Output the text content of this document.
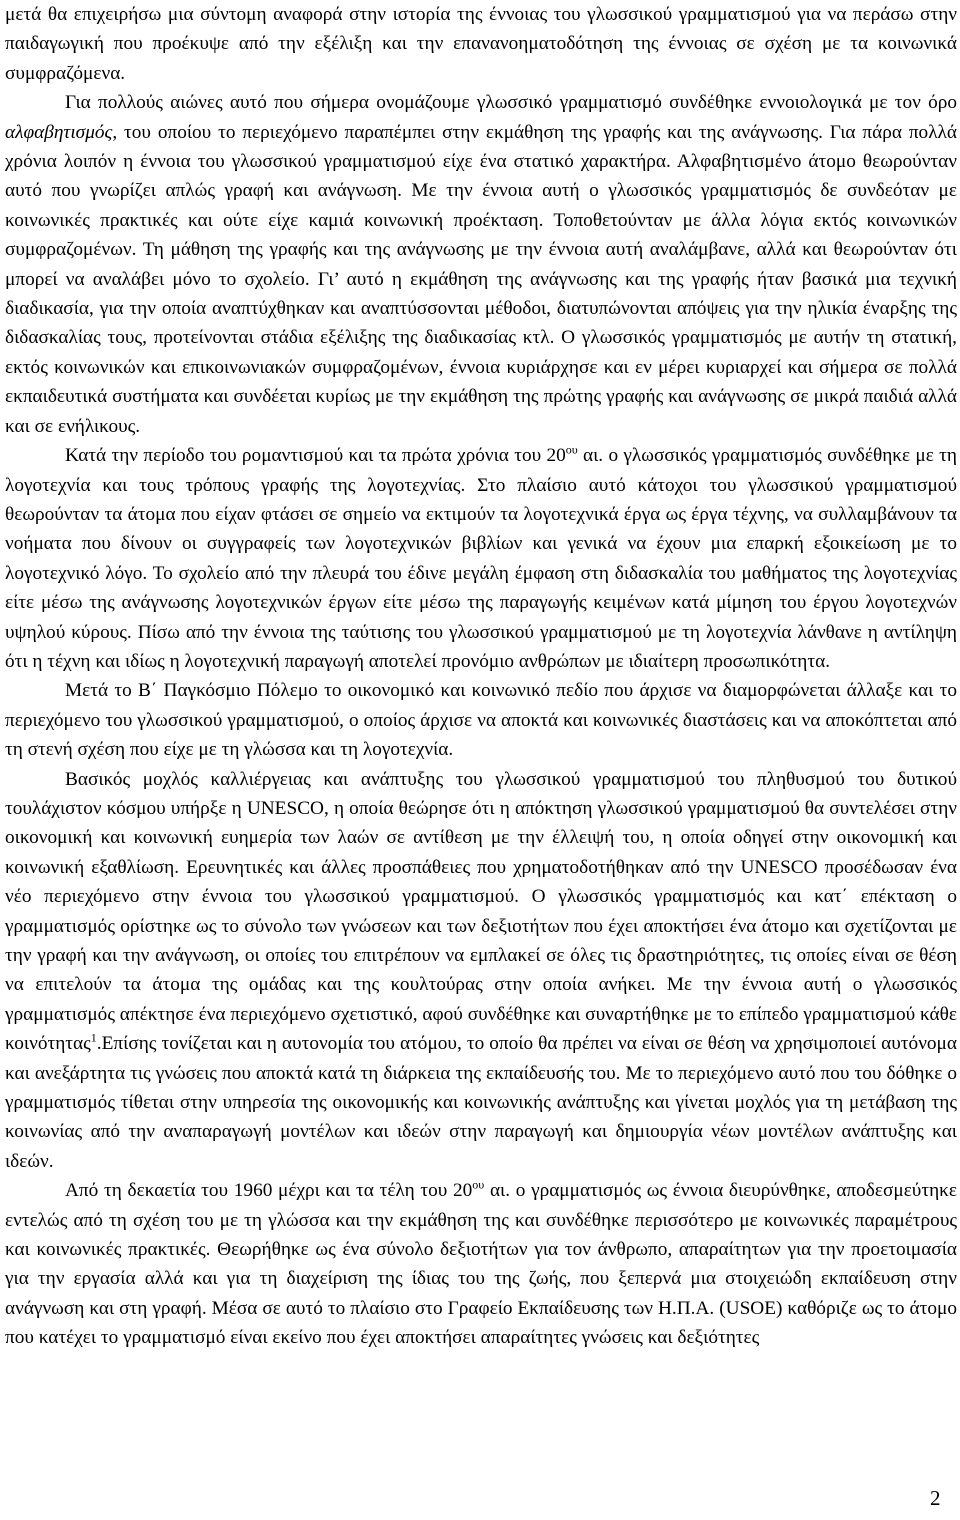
μετά θα επιχειρήσω μια σύντομη αναφορά στην ιστορία της έννοιας του γλωσσικού γραμματισμού για να περάσω στην παιδαγωγική που προέκυψε από την εξέλιξη και την επανανοηματοδότηση της έννοιας σε σχέση με τα κοινωνικά συμφραζόμενα.

Για πολλούς αιώνες αυτό που σήμερα ονομάζουμε γλωσσικό γραμματισμό συνδέθηκε εννοιολογικά με τον όρο αλφαβητισμός, του οποίου το περιεχόμενο παραπέμπει στην εκμάθηση της γραφής και της ανάγνωσης. Για πάρα πολλά χρόνια λοιπόν η έννοια του γλωσσικού γραμματισμού είχε ένα στατικό χαρακτήρα. Αλφαβητισμένο άτομο θεωρούνταν αυτό που γνωρίζει απλώς γραφή και ανάγνωση. Με την έννοια αυτή ο γλωσσικός γραμματισμός δε συνδεόταν με κοινωνικές πρακτικές και ούτε είχε καμιά κοινωνική προέκταση. Τοποθετούνταν με άλλα λόγια εκτός κοινωνικών συμφραζομένων. Τη μάθηση της γραφής και της ανάγνωσης με την έννοια αυτή αναλάμβανε, αλλά και θεωρούνταν ότι μπορεί να αναλάβει μόνο το σχολείο. Γι’ αυτό η εκμάθηση της ανάγνωσης και της γραφής ήταν βασικά μια τεχνική διαδικασία, για την οποία αναπτύχθηκαν και αναπτύσσονται μέθοδοι, διατυπώνονται απόψεις για την ηλικία έναρξης της διδασκαλίας τους, προτείνονται στάδια εξέλιξης της διαδικασίας κτλ. Ο γλωσσικός γραμματισμός με αυτήν τη στατική, εκτός κοινωνικών και επικοινωνιακών συμφραζομένων, έννοια κυριάρχησε και εν μέρει κυριαρχεί και σήμερα σε πολλά εκπαιδευτικά συστήματα και συνδέεται κυρίως με την εκμάθηση της πρώτης γραφής και ανάγνωσης σε μικρά παιδιά αλλά και σε ενήλικους.

Κατά την περίοδο του ρομαντισμού και τα πρώτα χρόνια του $20^{o\upsilon}$ αι. ο γλωσσικός γραμματισμός συνδέθηκε με τη λογοτεχνία και τους τρόπους γραφής της λογοτεχνίας. Στο πλαίσιο αυτό κάτοχοι του γλωσσικού γραμματισμού θεωρούνταν τα άτομα που είχαν φτάσει σε σημείο να εκτιμούν τα λογοτεχνικά έργα ως έργα τέχνης, να συλλαμβάνουν τα νοήματα που δίνουν οι συγγραφείς των λογοτεχνικών βιβλίων και γενικά να έχουν μια επαρκή εξοικείωση με το λογοτεχνικό λόγο. Το σχολείο από την πλευρά του έδινε μεγάλη έμφαση στη διδασκαλία του μαθήματος της λογοτεχνίας είτε μέσω της ανάγνωσης λογοτεχνικών έργων είτε μέσω της παραγωγής κειμένων κατά μίμηση του έργου λογοτεχνών υψηλού κύρους. Πίσω από την έννοια της ταύτισης του γλωσσικού γραμματισμού με τη λογοτεχνία λάνθανε η αντίληψη ότι η τέχνη και ιδίως η λογοτεχνική παραγωγή αποτελεί προνόμιο ανθρώπων με ιδιαίτερη προσωπικότητα.

Μετά το Β΄ Παγκόσμιο Πόλεμο το οικονομικό και κοινωνικό πεδίο που άρχισε να διαμορφώνεται άλλαξε και το περιεχόμενο του γλωσσικού γραμματισμού, ο οποίος άρχισε να αποκτά και κοινωνικές διαστάσεις και να αποκόπτεται από τη στενή σχέση που είχε με τη γλώσσα και τη λογοτεχνία.

Βασικός μοχλός καλλιέργειας και ανάπτυξης του γλωσσικού γραμματισμού του πληθυσμού του δυτικού τουλάχιστον κόσμου υπήρξε η UNESCO, η οποία θεώρησε ότι η απόκτηση γλωσσικού γραμματισμού θα συντελέσει στην οικονομική και κοινωνική ευημερία των λαών σε αντίθεση με την έλλειψή του, η οποία οδηγεί στην οικονομική και κοινωνική εξαθλίωση. Ερευνητικές και άλλες προσπάθειες που χρηματοδοτήθηκαν από την UNESCO προσέδωσαν ένα νέο περιεχόμενο στην έννοια του γλωσσικού γραμματισμού. Ο γλωσσικός γραμματισμός και κατ΄ επέκταση ο γραμματισμός ορίστηκε ως το σύνολο των γνώσεων και των δεξιοτήτων που έχει αποκτήσει ένα άτομο και σχετίζονται με την γραφή και την ανάγνωση, οι οποίες του επιτρέπουν να εμπλακεί σε όλες τις δραστηριότητες, τις οποίες είναι σε θέση να επιτελούν τα άτομα της ομάδας και της κουλτούρας στην οποία ανήκει. Με την έννοια αυτή ο γλωσσικός γραμματισμός απέκτησε ένα περιεχόμενο σχετιστικό, αφού συνδέθηκε και συναρτήθηκε με το επίπεδο γραμματισμού κάθε κοινότητας$^1$.Επίσης τονίζεται και η αυτονομία του ατόμου, το οποίο θα πρέπει να είναι σε θέση να χρησιμοποιεί αυτόνομα και ανεξάρτητα τις γνώσεις που αποκτά κατά τη διάρκεια της εκπαίδευσής του. Με το περιεχόμενο αυτό που του δόθηκε ο γραμματισμός τίθεται στην υπηρεσία της οικονομικής και κοινωνικής ανάπτυξης και γίνεται μοχλός για τη μετάβαση της κοινωνίας από την αναπαραγωγή μοντέλων και ιδεών στην παραγωγή και δημιουργία νέων μοντέλων ανάπτυξης και ιδεών.

Από τη δεκαετία του 1960 μέχρι και τα τέλη του $20^{o\upsilon}$ αι. ο γραμματισμός ως έννοια διευρύνθηκε, αποδεσμεύτηκε εντελώς από τη σχέση του με τη γλώσσα και την εκμάθηση της και συνδέθηκε περισσότερο με κοινωνικές παραμέτρους και κοινωνικές πρακτικές. Θεωρήθηκε ως ένα σύνολο δεξιοτήτων για τον άνθρωπο, απαραίτητων για την προετοιμασία για την εργασία αλλά και για τη διαχείριση της ίδιας του της ζωής, που ξεπερνά μια στοιχειώδη εκπαίδευση στην ανάγνωση και στη γραφή. Μέσα σε αυτό το πλαίσιο στο Γραφείο Εκπαίδευσης των Η.Π.Α. (USOE) καθόριζε ως το άτομο που κατέχει το γραμματισμό είναι εκείνο που έχει αποκτήσει απαραίτητες γνώσεις και δεξιότητες

2
